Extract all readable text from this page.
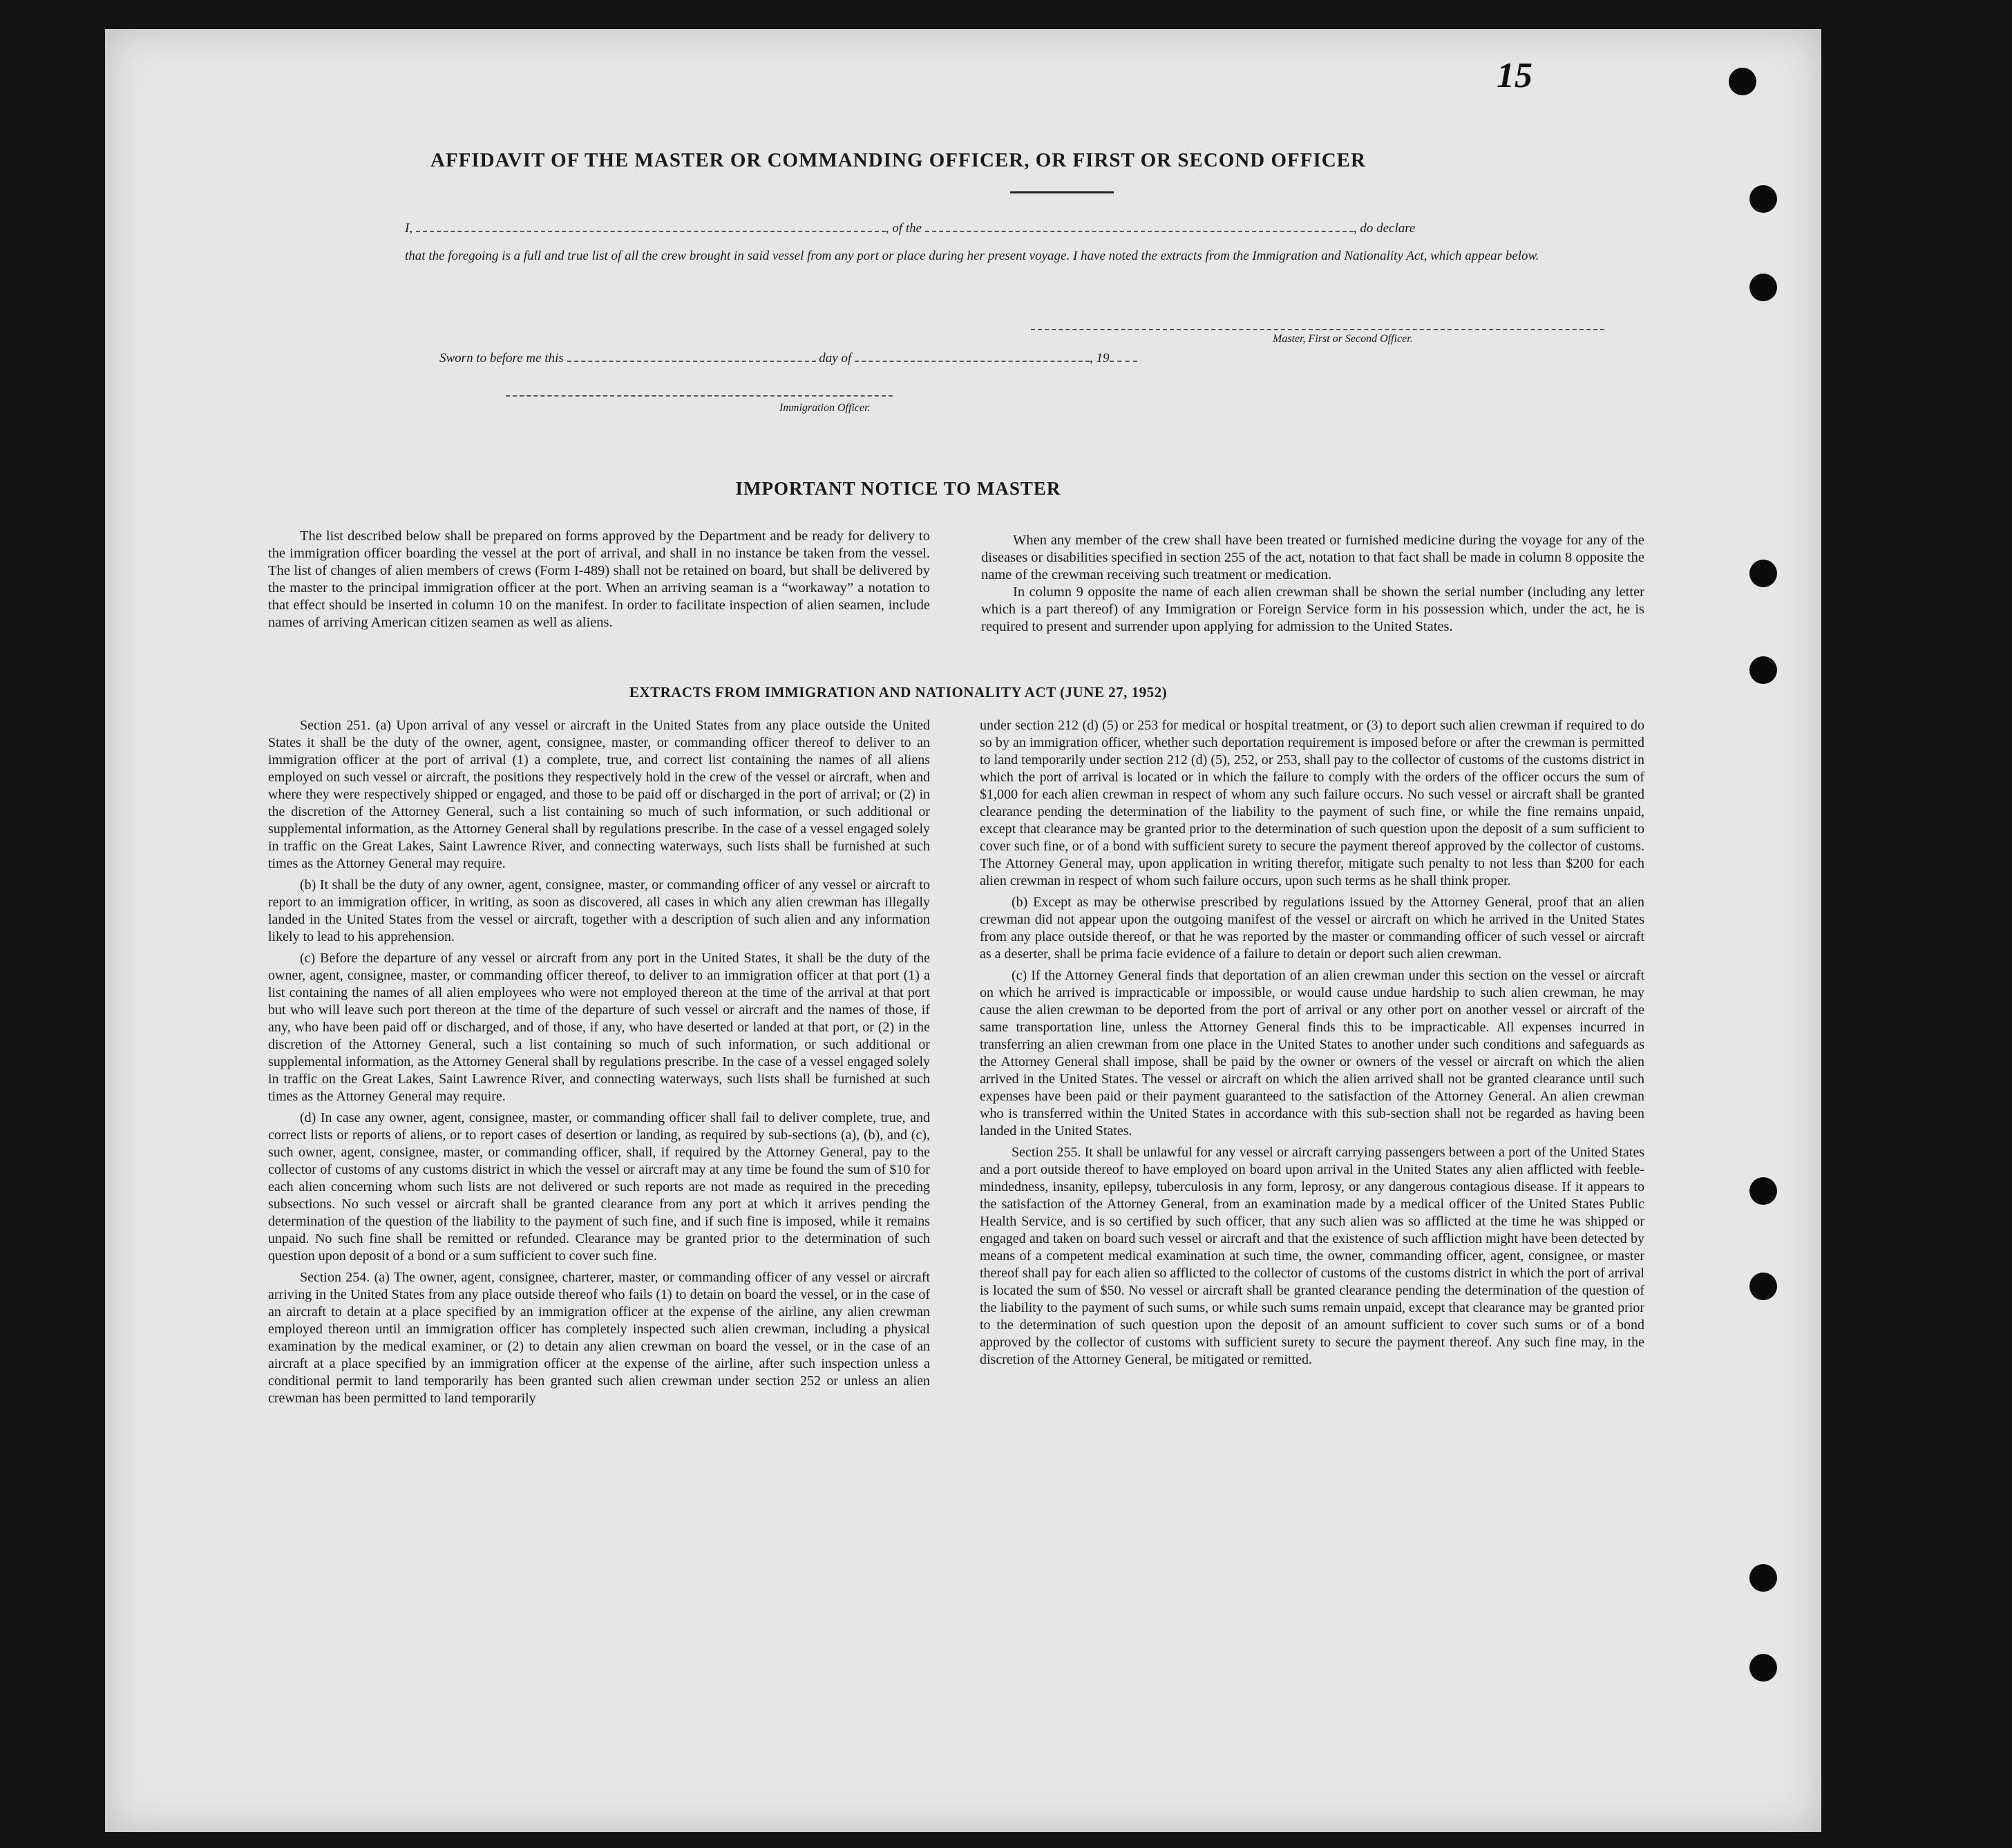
15
AFFIDAVIT OF THE MASTER OR COMMANDING OFFICER, OR FIRST OR SECOND OFFICER
I,	, of the	, do declare
that the foregoing is a full and true list of all the crew brought in said vessel from any port or place during her present voyage. I have noted the extracts from the Immigration and Nationality Act, which appear below.
Master, First or Second Officer.
Sworn to before me this	day of	, 19
Immigration Officer.
IMPORTANT NOTICE TO MASTER

The list described below shall be prepared on forms approved by the Department and be ready for delivery to the immigration officer boarding the vessel at the port of arrival, and shall in no instance be taken from the vessel. The list of changes of alien members of crews (Form I-489) shall not be retained on board, but shall be delivered by the master to the principal immigration officer at the port. When an arriving seaman is a “workaway” a notation to that effect should be inserted in column 10 on the manifest. In order to facilitate inspection of alien seamen, include names of arriving American citizen seamen as well as aliens.

When any member of the crew shall have been treated or furnished medicine during the voyage for any of the diseases or disabilities specified in section 255 of the act, notation to that fact shall be made in column 8 opposite the name of the crewman receiving such treatment or medication.

In column 9 opposite the name of each alien crewman shall be shown the serial number (including any letter which is a part thereof) of any Immigration or Foreign Service form in his possession which, under the act, he is required to present and surrender upon applying for admission to the United States.

EXTRACTS FROM IMMIGRATION AND NATIONALITY ACT (JUNE 27, 1952)

Section 251. (a) Upon arrival of any vessel or aircraft in the United States from any place outside the United States it shall be the duty of the owner, agent, consignee, master, or commanding officer thereof to deliver to an immigration officer at the port of arrival (1) a complete, true, and correct list containing the names of all aliens employed on such vessel or aircraft, the positions they respectively hold in the crew of the vessel or aircraft, when and where they were respectively shipped or engaged, and those to be paid off or discharged in the port of arrival; or (2) in the discretion of the Attorney General, such a list containing so much of such information, or such additional or supplemental information, as the Attorney General shall by regulations prescribe. In the case of a vessel engaged solely in traffic on the Great Lakes, Saint Lawrence River, and connecting waterways, such lists shall be furnished at such times as the Attorney General may require.

(b) It shall be the duty of any owner, agent, consignee, master, or commanding officer of any vessel or aircraft to report to an immigration officer, in writing, as soon as discovered, all cases in which any alien crewman has illegally landed in the United States from the vessel or aircraft, together with a description of such alien and any information likely to lead to his apprehension.

(c) Before the departure of any vessel or aircraft from any port in the United States, it shall be the duty of the owner, agent, consignee, master, or commanding officer thereof, to deliver to an immigration officer at that port (1) a list containing the names of all alien employees who were not employed thereon at the time of the arrival at that port but who will leave such port thereon at the time of the departure of such vessel or aircraft and the names of those, if any, who have been paid off or discharged, and of those, if any, who have deserted or landed at that port, or (2) in the discretion of the Attorney General, such a list containing so much of such information, or such additional or supplemental information, as the Attorney General shall by regulations prescribe. In the case of a vessel engaged solely in traffic on the Great Lakes, Saint Lawrence River, and connecting waterways, such lists shall be furnished at such times as the Attorney General may require.

(d) In case any owner, agent, consignee, master, or commanding officer shall fail to deliver complete, true, and correct lists or reports of aliens, or to report cases of desertion or landing, as required by sub-sections (a), (b), and (c), such owner, agent, consignee, master, or commanding officer, shall, if required by the Attorney General, pay to the collector of customs of any customs district in which the vessel or aircraft may at any time be found the sum of $10 for each alien concerning whom such lists are not delivered or such reports are not made as required in the preceding subsections. No such vessel or aircraft shall be granted clearance from any port at which it arrives pending the determination of the question of the liability to the payment of such fine, and if such fine is imposed, while it remains unpaid. No such fine shall be remitted or refunded. Clearance may be granted prior to the determination of such question upon deposit of a bond or a sum sufficient to cover such fine.

Section 254. (a) The owner, agent, consignee, charterer, master, or commanding officer of any vessel or aircraft arriving in the United States from any place outside thereof who fails (1) to detain on board the vessel, or in the case of an aircraft to detain at a place specified by an immigration officer at the expense of the airline, any alien crewman employed thereon until an immigration officer has completely inspected such alien crewman, including a physical examination by the medical examiner, or (2) to detain any alien crewman on board the vessel, or in the case of an aircraft at a place specified by an immigration officer at the expense of the airline, after such inspection unless a conditional permit to land temporarily has been granted such alien crewman under section 252 or unless an alien crewman has been permitted to land temporarily

under section 212 (d) (5) or 253 for medical or hospital treatment, or (3) to deport such alien crewman if required to do so by an immigration officer, whether such deportation requirement is imposed before or after the crewman is permitted to land temporarily under section 212 (d) (5), 252, or 253, shall pay to the collector of customs of the customs district in which the port of arrival is located or in which the failure to comply with the orders of the officer occurs the sum of $1,000 for each alien crewman in respect of whom any such failure occurs. No such vessel or aircraft shall be granted clearance pending the determination of the liability to the payment of such fine, or while the fine remains unpaid, except that clearance may be granted prior to the determination of such question upon the deposit of a sum sufficient to cover such fine, or of a bond with sufficient surety to secure the payment thereof approved by the collector of customs. The Attorney General may, upon application in writing therefor, mitigate such penalty to not less than $200 for each alien crewman in respect of whom such failure occurs, upon such terms as he shall think proper.

(b) Except as may be otherwise prescribed by regulations issued by the Attorney General, proof that an alien crewman did not appear upon the outgoing manifest of the vessel or aircraft on which he arrived in the United States from any place outside thereof, or that he was reported by the master or commanding officer of such vessel or aircraft as a deserter, shall be prima facie evidence of a failure to detain or deport such alien crewman.

(c) If the Attorney General finds that deportation of an alien crewman under this section on the vessel or aircraft on which he arrived is impracticable or impossible, or would cause undue hardship to such alien crewman, he may cause the alien crewman to be deported from the port of arrival or any other port on another vessel or aircraft of the same transportation line, unless the Attorney General finds this to be impracticable. All expenses incurred in transferring an alien crewman from one place in the United States to another under such conditions and safeguards as the Attorney General shall impose, shall be paid by the owner or owners of the vessel or aircraft on which the alien arrived in the United States. The vessel or aircraft on which the alien arrived shall not be granted clearance until such expenses have been paid or their payment guaranteed to the satisfaction of the Attorney General. An alien crewman who is transferred within the United States in accordance with this sub-section shall not be regarded as having been landed in the United States.

Section 255. It shall be unlawful for any vessel or aircraft carrying passengers between a port of the United States and a port outside thereof to have employed on board upon arrival in the United States any alien afflicted with feeble-mindedness, insanity, epilepsy, tuberculosis in any form, leprosy, or any dangerous contagious disease. If it appears to the satisfaction of the Attorney General, from an examination made by a medical officer of the United States Public Health Service, and is so certified by such officer, that any such alien was so afflicted at the time he was shipped or engaged and taken on board such vessel or aircraft and that the existence of such affliction might have been detected by means of a competent medical examination at such time, the owner, commanding officer, agent, consignee, or master thereof shall pay for each alien so afflicted to the collector of customs of the customs district in which the port of arrival is located the sum of $50. No vessel or aircraft shall be granted clearance pending the determination of the question of the liability to the payment of such sums, or while such sums remain unpaid, except that clearance may be granted prior to the determination of such question upon the deposit of an amount sufficient to cover such sums or of a bond approved by the collector of customs with sufficient surety to secure the payment thereof. Any such fine may, in the discretion of the Attorney General, be mitigated or remitted.
